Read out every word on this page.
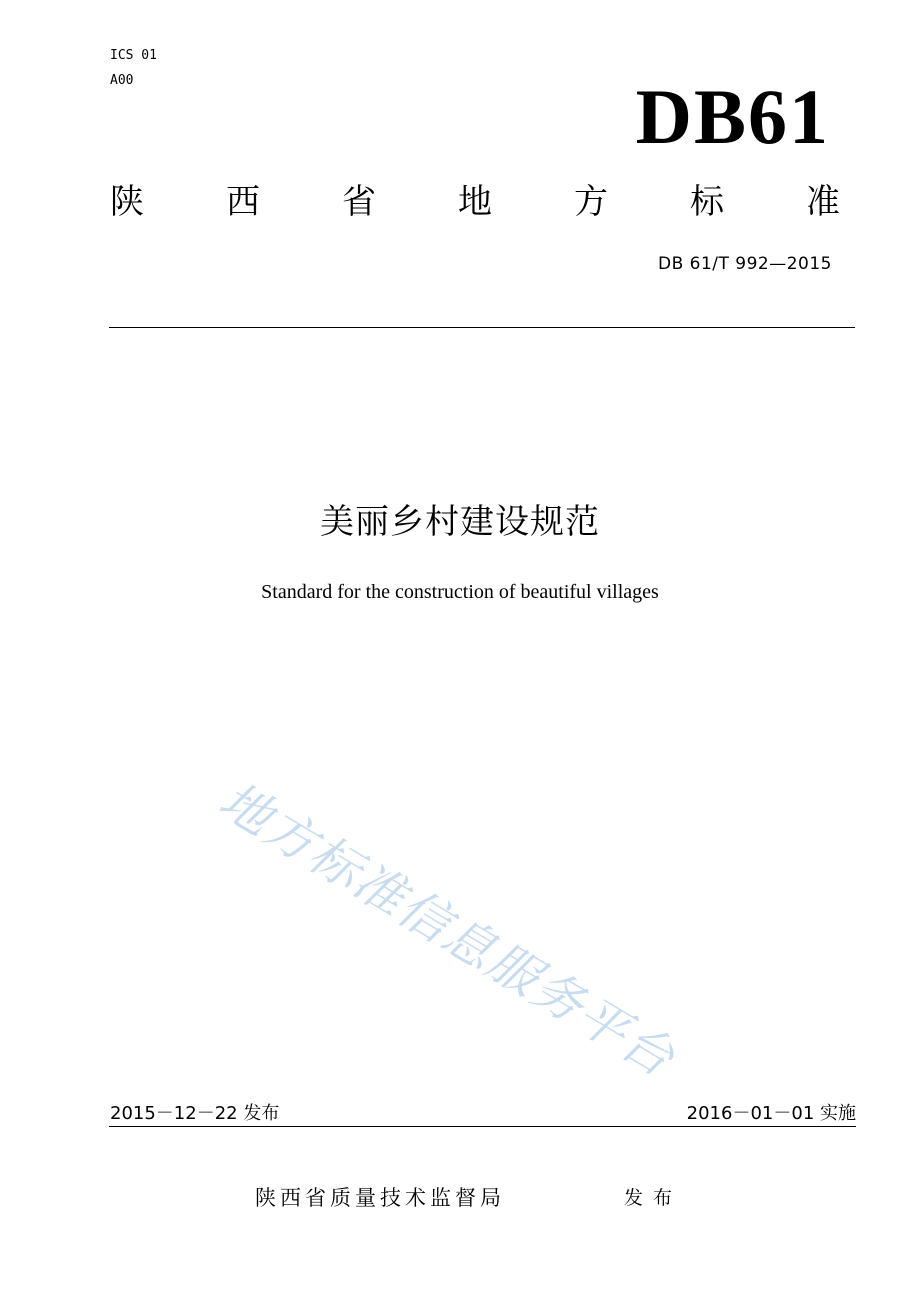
ICS 01
A00	DB61
陕 西 省 地 方 标 准
DB 61/T 992—2015
美丽乡村建设规范
Standard for the construction of beautiful villages
地方标准信息服务平台
2015－12－22 发布	2016－01－01 实施
陕西省质量技术监督局	发布
